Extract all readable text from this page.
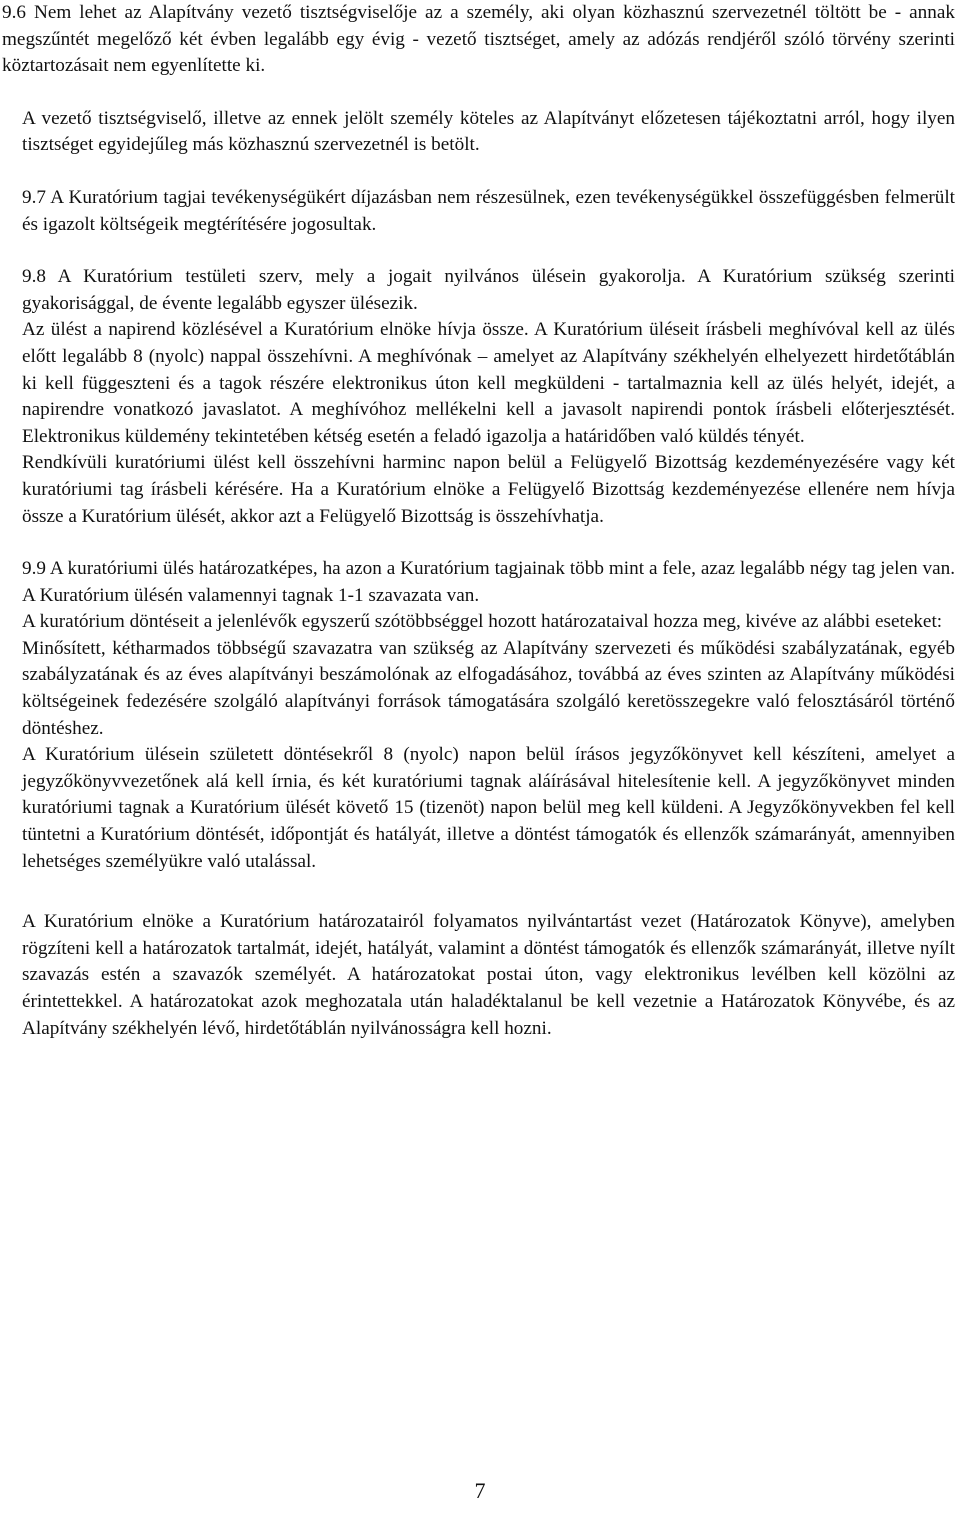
9.6 Nem lehet az Alapítvány vezető tisztségviselője az a személy, aki olyan közhasznú szervezetnél töltött be - annak megszűntét megelőző két évben legalább egy évig - vezető tisztséget, amely az adózás rendjéről szóló törvény szerinti köztartozásait nem egyenlítette ki.

A vezető tisztségviselő, illetve az ennek jelölt személy köteles az Alapítványt előzetesen tájékoztatni arról, hogy ilyen tisztséget egyidejűleg más közhasznú szervezetnél is betölt.

9.7 A Kuratórium tagjai tevékenységükért díjazásban nem részesülnek, ezen tevékenységükkel összefüggésben felmerült és igazolt költségeik megtérítésére jogosultak.

9.8 A Kuratórium testületi szerv, mely a jogait nyilvános ülésein gyakorolja. A Kuratórium szükség szerinti gyakorisággal, de évente legalább egyszer ülésezik.

Az ülést a napirend közlésével a Kuratórium elnöke hívja össze. A Kuratórium üléseit írásbeli meghívóval kell az ülés előtt legalább 8 (nyolc) nappal összehívni. A meghívónak – amelyet az Alapítvány székhelyén elhelyezett hirdetőtáblán ki kell függeszteni és a tagok részére elektronikus úton kell megküldeni - tartalmaznia kell az ülés helyét, idejét, a napirendre vonatkozó javaslatot. A meghívóhoz mellékelni kell a javasolt napirendi pontok írásbeli előterjesztését. Elektronikus küldemény tekintetében kétség esetén a feladó igazolja a határidőben való küldés tényét.

Rendkívüli kuratóriumi ülést kell összehívni harminc napon belül a Felügyelő Bizottság kezdeményezésére vagy két kuratóriumi tag írásbeli kérésére. Ha a Kuratórium elnöke a Felügyelő Bizottság kezdeményezése ellenére nem hívja össze a Kuratórium ülését, akkor azt a Felügyelő Bizottság is összehívhatja.

9.9 A kuratóriumi ülés határozatképes, ha azon a Kuratórium tagjainak több mint a fele, azaz legalább négy tag jelen van. A Kuratórium ülésén valamennyi tagnak 1-1 szavazata van.

A kuratórium döntéseit a jelenlévők egyszerű szótöbbséggel hozott határozataival hozza meg, kivéve az alábbi eseteket:

Minősített, kétharmados többségű szavazatra van szükség az Alapítvány szervezeti és működési szabályzatának, egyéb szabályzatának és az éves alapítványi beszámolónak az elfogadásához, továbbá az éves szinten az Alapítvány működési költségeinek fedezésére szolgáló alapítványi források támogatására szolgáló keretösszegekre való felosztásáról történő döntéshez.

A Kuratórium ülésein született döntésekről 8 (nyolc) napon belül írásos jegyzőkönyvet kell készíteni, amelyet a jegyzőkönyvvezetőnek alá kell írnia, és két kuratóriumi tagnak aláírásával hitelesítenie kell. A jegyzőkönyvet minden kuratóriumi tagnak a Kuratórium ülését követő 15 (tizenöt) napon belül meg kell küldeni. A Jegyzőkönyvekben fel kell tüntetni a Kuratórium döntését, időpontját és hatályát, illetve a döntést támogatók és ellenzők számarányát, amennyiben lehetséges személyükre való utalással.

A Kuratórium elnöke a Kuratórium határozatairól folyamatos nyilvántartást vezet (Határozatok Könyve), amelyben rögzíteni kell a határozatok tartalmát, idejét, hatályát, valamint a döntést támogatók és ellenzők számarányát, illetve nyílt szavazás estén a szavazók személyét. A határozatokat postai úton, vagy elektronikus levélben kell közölni az érintettekkel. A határozatokat azok meghozatala után haladéktalanul be kell vezetnie a Határozatok Könyvébe, és az Alapítvány székhelyén lévő, hirdetőtáblán nyilvánosságra kell hozni.

7
